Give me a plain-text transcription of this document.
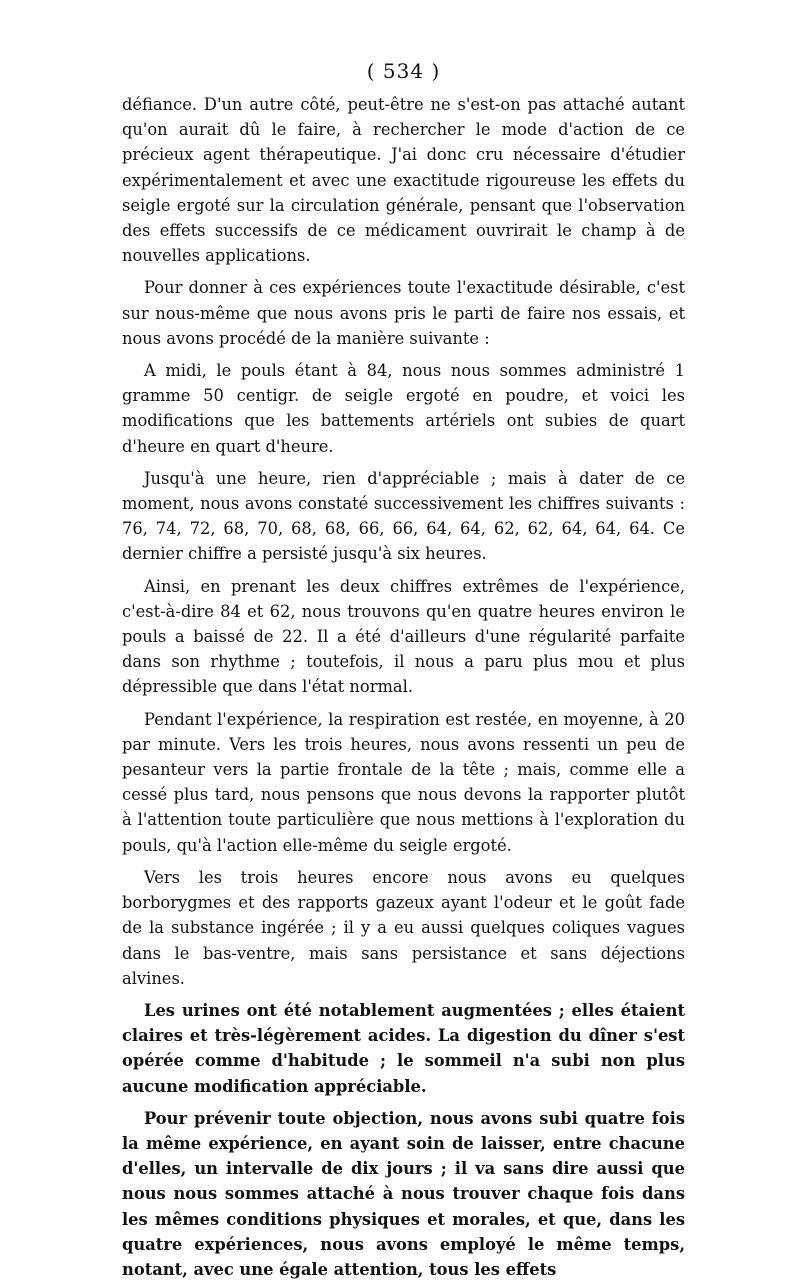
( 534 )

défiance. D'un autre côté, peut-être ne s'est-on pas attaché autant qu'on aurait dû le faire, à rechercher le mode d'action de ce précieux agent thérapeutique. J'ai donc cru nécessaire d'étudier expérimentalement et avec une exactitude rigoureuse les effets du seigle ergoté sur la circulation générale, pensant que l'observation des effets successifs de ce médicament ouvrirait le champ à de nouvelles applications.

Pour donner à ces expériences toute l'exactitude désirable, c'est sur nous-même que nous avons pris le parti de faire nos essais, et nous avons procédé de la manière suivante :

A midi, le pouls étant à 84, nous nous sommes administré 1 gramme 50 centigr. de seigle ergoté en poudre, et voici les modifications que les battements artériels ont subies de quart d'heure en quart d'heure.

Jusqu'à une heure, rien d'appréciable ; mais à dater de ce moment, nous avons constaté successivement les chiffres suivants : 76, 74, 72, 68, 70, 68, 68, 66, 66, 64, 64, 62, 62, 64, 64, 64. Ce dernier chiffre a persisté jusqu'à six heures.

Ainsi, en prenant les deux chiffres extrêmes de l'expérience, c'est-à-dire 84 et 62, nous trouvons qu'en quatre heures environ le pouls a baissé de 22. Il a été d'ailleurs d'une régularité parfaite dans son rhythme ; toutefois, il nous a paru plus mou et plus dépressible que dans l'état normal.

Pendant l'expérience, la respiration est restée, en moyenne, à 20 par minute. Vers les trois heures, nous avons ressenti un peu de pesanteur vers la partie frontale de la tête ; mais, comme elle a cessé plus tard, nous pensons que nous devons la rapporter plutôt à l'attention toute particulière que nous mettions à l'exploration du pouls, qu'à l'action elle-même du seigle ergoté.

Vers les trois heures encore nous avons eu quelques borborygmes et des rapports gazeux ayant l'odeur et le goût fade de la substance ingérée ; il y a eu aussi quelques coliques vagues dans le bas-ventre, mais sans persistance et sans déjections alvines.

Les urines ont été notablement augmentées ; elles étaient claires et très-légèrement acides. La digestion du dîner s'est opérée comme d'habitude ; le sommeil n'a subi non plus aucune modification appréciable.

Pour prévenir toute objection, nous avons subi quatre fois la même expérience, en ayant soin de laisser, entre chacune d'elles, un intervalle de dix jours ; il va sans dire aussi que nous nous sommes attaché à nous trouver chaque fois dans les mêmes conditions physiques et morales, et que, dans les quatre expériences, nous avons employé le même temps, notant, avec une égale attention, tous les effets
